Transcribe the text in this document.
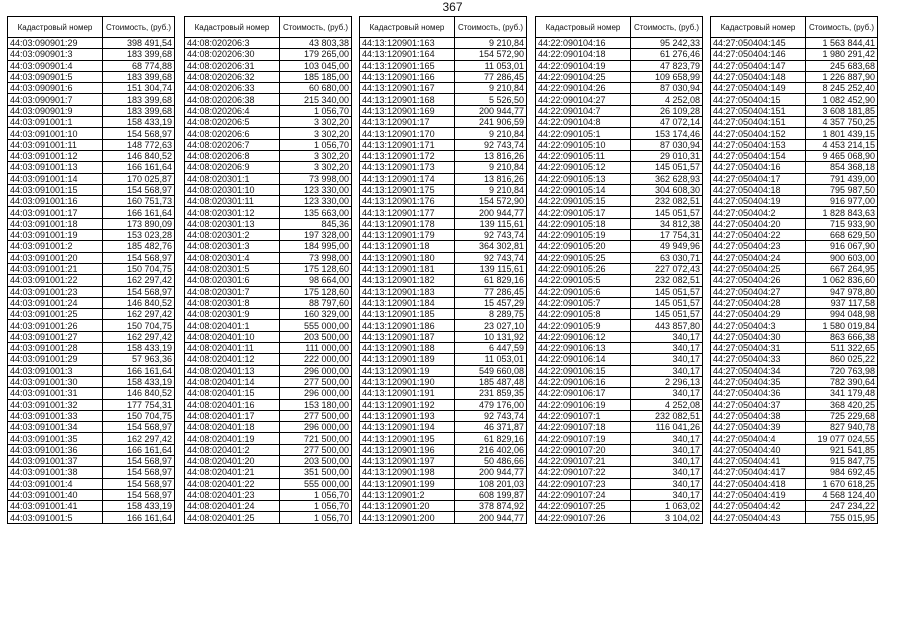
367
Кадастровый номер	Стоимость, (руб.)
44:03:090901:29	398 491,54
44:03:090901:3	183 399,68
44:03:090901:4	68 774,88
44:03:090901:5	183 399,68
44:03:090901:6	151 304,74
44:03:090901:7	183 399,68
44:03:090901:9	183 399,68
44:03:091001:1	158 433,19
44:03:091001:10	154 568,97
44:03:091001:11	148 772,63
44:03:091001:12	146 840,52
44:03:091001:13	166 161,64
44:03:091001:14	170 025,87
44:03:091001:15	154 568,97
44:03:091001:16	160 751,73
44:03:091001:17	166 161,64
44:03:091001:18	173 890,09
44:03:091001:19	153 023,28
44:03:091001:2	185 482,76
44:03:091001:20	154 568,97
44:03:091001:21	150 704,75
44:03:091001:22	162 297,42
44:03:091001:23	154 568,97
44:03:091001:24	146 840,52
44:03:091001:25	162 297,42
44:03:091001:26	150 704,75
44:03:091001:27	162 297,42
44:03:091001:28	158 433,19
44:03:091001:29	57 963,36
44:03:091001:3	166 161,64
44:03:091001:30	158 433,19
44:03:091001:31	146 840,52
44:03:091001:32	177 754,31
44:03:091001:33	150 704,75
44:03:091001:34	154 568,97
44:03:091001:35	162 297,42
44:03:091001:36	166 161,64
44:03:091001:37	154 568,97
44:03:091001:38	154 568,97
44:03:091001:4	154 568,97
44:03:091001:40	154 568,97
44:03:091001:41	158 433,19
44:03:091001:5	166 161,64
Кадастровый номер	Стоимость, (руб.)
44:08:020206:3	43 803,38
44:08:020206:30	179 265,00
44:08:020206:31	103 045,00
44:08:020206:32	185 185,00
44:08:020206:33	60 680,00
44:08:020206:38	215 340,00
44:08:020206:4	1 056,70
44:08:020206:5	3 302,20
44:08:020206:6	3 302,20
44:08:020206:7	1 056,70
44:08:020206:8	3 302,20
44:08:020206:9	3 302,20
44:08:020301:1	73 998,00
44:08:020301:10	123 330,00
44:08:020301:11	123 330,00
44:08:020301:12	135 663,00
44:08:020301:13	845,36
44:08:020301:2	197 328,00
44:08:020301:3	184 995,00
44:08:020301:4	73 998,00
44:08:020301:5	175 128,60
44:08:020301:6	98 664,00
44:08:020301:7	175 128,60
44:08:020301:8	88 797,60
44:08:020301:9	160 329,00
44:08:020401:1	555 000,00
44:08:020401:10	203 500,00
44:08:020401:11	111 000,00
44:08:020401:12	222 000,00
44:08:020401:13	296 000,00
44:08:020401:14	277 500,00
44:08:020401:15	296 000,00
44:08:020401:16	153 180,00
44:08:020401:17	277 500,00
44:08:020401:18	296 000,00
44:08:020401:19	721 500,00
44:08:020401:2	277 500,00
44:08:020401:20	203 500,00
44:08:020401:21	351 500,00
44:08:020401:22	555 000,00
44:08:020401:23	1 056,70
44:08:020401:24	1 056,70
44:08:020401:25	1 056,70
Кадастровый номер	Стоимость, (руб.)
44:13:120901:163	9 210,84
44:13:120901:164	154 572,90
44:13:120901:165	11 053,01
44:13:120901:166	77 286,45
44:13:120901:167	9 210,84
44:13:120901:168	5 526,50
44:13:120901:169	200 944,77
44:13:120901:17	241 906,59
44:13:120901:170	9 210,84
44:13:120901:171	92 743,74
44:13:120901:172	13 816,26
44:13:120901:173	9 210,84
44:13:120901:174	13 816,26
44:13:120901:175	9 210,84
44:13:120901:176	154 572,90
44:13:120901:177	200 944,77
44:13:120901:178	139 115,61
44:13:120901:179	92 743,74
44:13:120901:18	364 302,81
44:13:120901:180	92 743,74
44:13:120901:181	139 115,61
44:13:120901:182	61 829,16
44:13:120901:183	77 286,45
44:13:120901:184	15 457,29
44:13:120901:185	8 289,75
44:13:120901:186	23 027,10
44:13:120901:187	10 131,92
44:13:120901:188	6 447,59
44:13:120901:189	11 053,01
44:13:120901:19	549 660,08
44:13:120901:190	185 487,48
44:13:120901:191	231 859,35
44:13:120901:192	479 176,00
44:13:120901:193	92 743,74
44:13:120901:194	46 371,87
44:13:120901:195	61 829,16
44:13:120901:196	216 402,06
44:13:120901:197	50 486,66
44:13:120901:198	200 944,77
44:13:120901:199	108 201,03
44:13:120901:2	608 199,87
44:13:120901:20	378 874,92
44:13:120901:200	200 944,77
Кадастровый номер	Стоимость, (руб.)
44:22:090104:16	95 242,33
44:22:090104:18	61 276,46
44:22:090104:19	47 823,79
44:22:090104:25	109 658,99
44:22:090104:26	87 030,94
44:22:090104:27	4 252,08
44:22:090104:7	26 109,28
44:22:090104:8	47 072,14
44:22:090105:1	153 174,46
44:22:090105:10	87 030,94
44:22:090105:11	29 010,31
44:22:090105:12	145 051,57
44:22:090105:13	362 628,93
44:22:090105:14	304 608,30
44:22:090105:15	232 082,51
44:22:090105:17	145 051,57
44:22:090105:18	34 812,38
44:22:090105:19	17 754,31
44:22:090105:20	49 949,96
44:22:090105:25	63 030,71
44:22:090105:26	227 072,43
44:22:090105:5	232 082,51
44:22:090105:6	145 051,57
44:22:090105:7	145 051,57
44:22:090105:8	145 051,57
44:22:090105:9	443 857,80
44:22:090106:12	340,17
44:22:090106:13	340,17
44:22:090106:14	340,17
44:22:090106:15	340,17
44:22:090106:16	2 296,13
44:22:090106:17	340,17
44:22:090106:19	4 252,08
44:22:090107:1	232 082,51
44:22:090107:18	116 041,26
44:22:090107:19	340,17
44:22:090107:20	340,17
44:22:090107:21	340,17
44:22:090107:22	340,17
44:22:090107:23	340,17
44:22:090107:24	340,17
44:22:090107:25	1 063,02
44:22:090107:26	3 104,02
Кадастровый номер	Стоимость, (руб.)
44:27:050404:145	1 563 844,41
44:27:050404:146	1 980 291,42
44:27:050404:147	245 683,68
44:27:050404:148	1 226 887,90
44:27:050404:149	8 245 252,40
44:27:050404:15	1 082 452,90
44:27:050404:151	3 608 181,85
44:27:050404:151	4 357 750,25
44:27:050404:152	1 801 439,15
44:27:050404:153	4 453 214,15
44:27:050404:154	9 465 068,90
44:27:050404:16	854 368,18
44:27:050404:17	791 439,00
44:27:050404:18	795 987,50
44:27:050404:19	916 977,00
44:27:050404:2	1 828 843,63
44:27:050404:20	715 933,90
44:27:050404:22	668 629,50
44:27:050404:23	916 067,90
44:27:050404:24	900 603,00
44:27:050404:25	667 264,95
44:27:050404:26	1 062 836,60
44:27:050404:27	947 978,80
44:27:050404:28	937 117,58
44:27:050404:29	994 048,98
44:27:050404:3	1 580 019,84
44:27:050404:30	863 666,38
44:27:050404:31	511 322,65
44:27:050404:33	860 025,22
44:27:050404:34	720 763,98
44:27:050404:35	782 390,64
44:27:050404:36	341 179,48
44:27:050404:37	368 420,25
44:27:050404:38	725 229,68
44:27:050404:39	827 940,78
44:27:050404:4	19 077 024,55
44:27:050404:40	921 541,85
44:27:050404:41	915 847,75
44:27:050404:417	984 692,45
44:27:050404:418	1 670 618,25
44:27:050404:419	4 568 124,40
44:27:050404:42	247 234,22
44:27:050404:43	755 015,95
